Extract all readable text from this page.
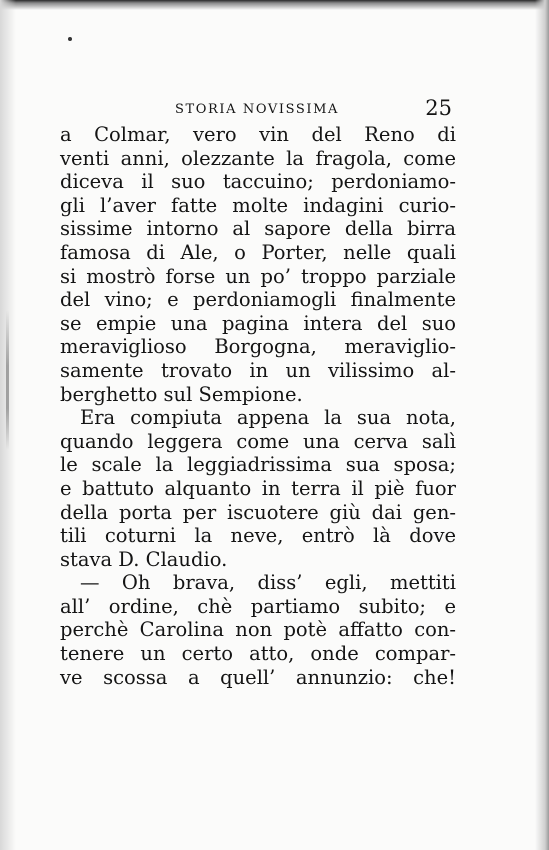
STORIA NOVISSIMA	25
a Colmar, vero vin del Reno di
venti anni, olezzante la fragola, come
diceva il suo taccuino; perdoniamo-
gli l’aver fatte molte indagini curio-
sissime intorno al sapore della birra
famosa di Ale, o Porter, nelle quali
si mostrò forse un po’ troppo parziale
del vino; e perdoniamogli finalmente
se empie una pagina intera del suo
meraviglioso Borgogna, meraviglio-
samente trovato in un vilissimo al-
berghetto sul Sempione.
Era compiuta appena la sua nota,
quando leggera come una cerva salì
le scale la leggiadrissima sua sposa;
e battuto alquanto in terra il piè fuor
della porta per iscuotere giù dai gen-
tili coturni la neve, entrò là dove
stava D. Claudio.
— Oh brava, diss’ egli, mettiti
all’ ordine, chè partiamo subito; e
perchè Carolina non potè affatto con-
tenere un certo atto, onde compar-
ve scossa a quell’ annunzio: che!
